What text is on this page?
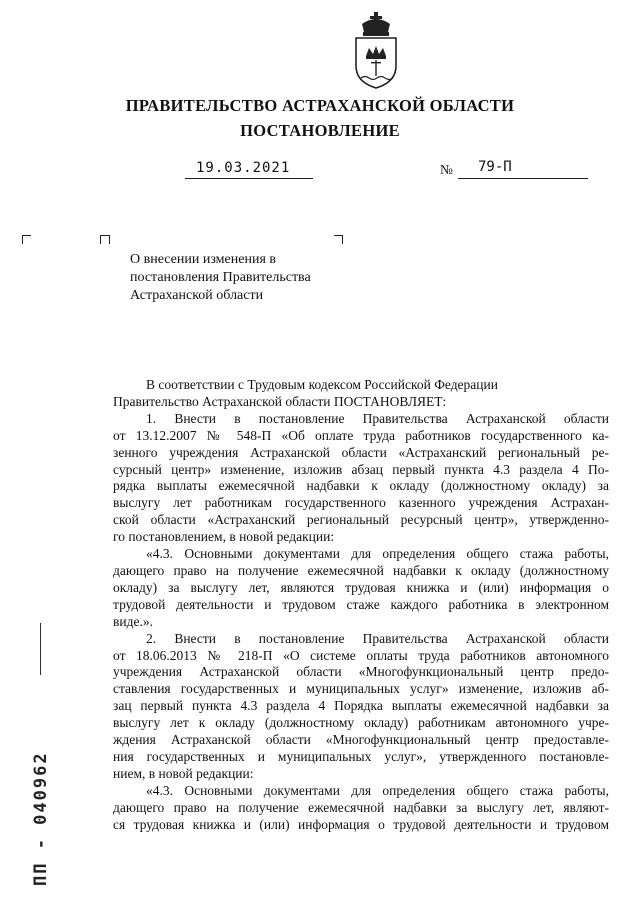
ПРАВИТЕЛЬСТВО АСТРАХАНСКОЙ ОБЛАСТИ
ПОСТАНОВЛЕНИЕ
19.03.2021	№ 79-П
О внесении изменения в
постановления Правительства
Астраханской области
В соответствии с Трудовым кодексом Российской Федерации
Правительство Астраханской области ПОСТАНОВЛЯЕТ:
1. Внести в постановление Правительства Астраханской области
от 13.12.2007 № 548-П «Об оплате труда работников государственного ка-
зенного учреждения Астраханской области «Астраханский региональный ре-
сурсный центр» изменение, изложив абзац первый пункта 4.3 раздела 4 По-
рядка выплаты ежемесячной надбавки к окладу (должностному окладу) за
выслугу лет работникам государственного казенного учреждения Астрахан-
ской области «Астраханский региональный ресурсный центр», утвержденно-
го постановлением, в новой редакции:
«4.3. Основными документами для определения общего стажа работы,
дающего право на получение ежемесячной надбавки к окладу (должностному
окладу) за выслугу лет, являются трудовая книжка и (или) информация о
трудовой деятельности и трудовом стаже каждого работника в электронном
виде.».
2. Внести в постановление Правительства Астраханской области
от 18.06.2013 № 218-П «О системе оплаты труда работников автономного
учреждения Астраханской области «Многофункциональный центр предо-
ставления государственных и муниципальных услуг» изменение, изложив аб-
зац первый пункта 4.3 раздела 4 Порядка выплаты ежемесячной надбавки за
выслугу лет к окладу (должностному окладу) работникам автономного учре-
ждения Астраханской области «Многофункциональный центр предоставле-
ния государственных и муниципальных услуг», утвержденного постановле-
нием, в новой редакции:
«4.3. Основными документами для определения общего стажа работы,
дающего право на получение ежемесячной надбавки за выслугу лет, являют-
ся трудовая книжка и (или) информация о трудовой деятельности и трудовом
ПП - 040962
